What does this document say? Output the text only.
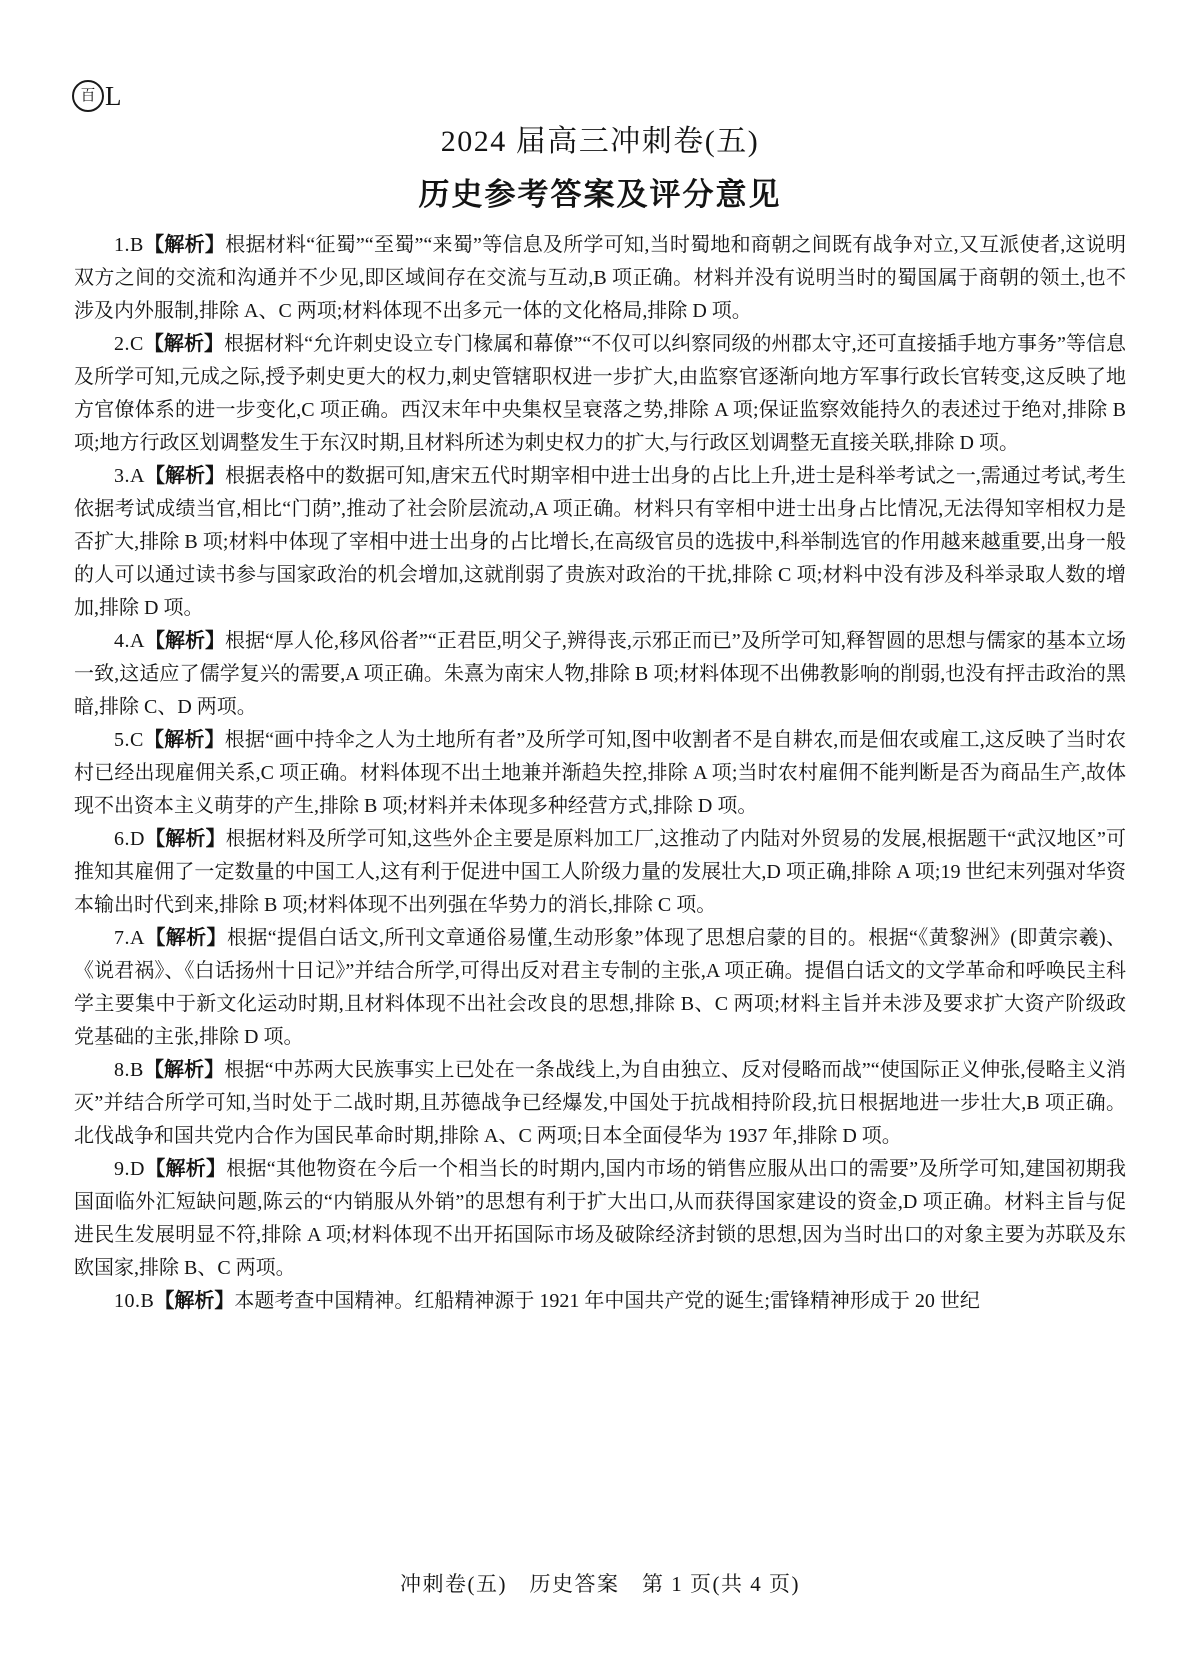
百 L
2024 届高三冲刺卷(五)
历史参考答案及评分意见

1.B【解析】根据材料“征蜀”“至蜀”“来蜀”等信息及所学可知,当时蜀地和商朝之间既有战争对立,又互派使者,这说明双方之间的交流和沟通并不少见,即区域间存在交流与互动,B 项正确。材料并没有说明当时的蜀国属于商朝的领土,也不涉及内外服制,排除 A、C 两项;材料体现不出多元一体的文化格局,排除 D 项。

2.C【解析】根据材料“允许刺史设立专门椽属和幕僚”“不仅可以纠察同级的州郡太守,还可直接插手地方事务”等信息及所学可知,元成之际,授予刺史更大的权力,刺史管辖职权进一步扩大,由监察官逐渐向地方军事行政长官转变,这反映了地方官僚体系的进一步变化,C 项正确。西汉末年中央集权呈衰落之势,排除 A 项;保证监察效能持久的表述过于绝对,排除 B 项;地方行政区划调整发生于东汉时期,且材料所述为刺史权力的扩大,与行政区划调整无直接关联,排除 D 项。

3.A【解析】根据表格中的数据可知,唐宋五代时期宰相中进士出身的占比上升,进士是科举考试之一,需通过考试,考生依据考试成绩当官,相比“门荫”,推动了社会阶层流动,A 项正确。材料只有宰相中进士出身占比情况,无法得知宰相权力是否扩大,排除 B 项;材料中体现了宰相中进士出身的占比增长,在高级官员的选拔中,科举制选官的作用越来越重要,出身一般的人可以通过读书参与国家政治的机会增加,这就削弱了贵族对政治的干扰,排除 C 项;材料中没有涉及科举录取人数的增加,排除 D 项。

4.A【解析】根据“厚人伦,移风俗者”“正君臣,明父子,辨得丧,示邪正而已”及所学可知,释智圆的思想与儒家的基本立场一致,这适应了儒学复兴的需要,A 项正确。朱熹为南宋人物,排除 B 项;材料体现不出佛教影响的削弱,也没有抨击政治的黑暗,排除 C、D 两项。

5.C【解析】根据“画中持伞之人为土地所有者”及所学可知,图中收割者不是自耕农,而是佃农或雇工,这反映了当时农村已经出现雇佣关系,C 项正确。材料体现不出土地兼并渐趋失控,排除 A 项;当时农村雇佣不能判断是否为商品生产,故体现不出资本主义萌芽的产生,排除 B 项;材料并未体现多种经营方式,排除 D 项。

6.D【解析】根据材料及所学可知,这些外企主要是原料加工厂,这推动了内陆对外贸易的发展,根据题干“武汉地区”可推知其雇佣了一定数量的中国工人,这有利于促进中国工人阶级力量的发展壮大,D 项正确,排除 A 项;19 世纪末列强对华资本输出时代到来,排除 B 项;材料体现不出列强在华势力的消长,排除 C 项。

7.A【解析】根据“提倡白话文,所刊文章通俗易懂,生动形象”体现了思想启蒙的目的。根据“《黄黎洲》(即黄宗羲)、《说君祸》、《白话扬州十日记》”并结合所学,可得出反对君主专制的主张,A 项正确。提倡白话文的文学革命和呼唤民主科学主要集中于新文化运动时期,且材料体现不出社会改良的思想,排除 B、C 两项;材料主旨并未涉及要求扩大资产阶级政党基础的主张,排除 D 项。

8.B【解析】根据“中苏两大民族事实上已处在一条战线上,为自由独立、反对侵略而战”“使国际正义伸张,侵略主义消灭”并结合所学可知,当时处于二战时期,且苏德战争已经爆发,中国处于抗战相持阶段,抗日根据地进一步壮大,B 项正确。北伐战争和国共党内合作为国民革命时期,排除 A、C 两项;日本全面侵华为 1937 年,排除 D 项。

9.D【解析】根据“其他物资在今后一个相当长的时期内,国内市场的销售应服从出口的需要”及所学可知,建国初期我国面临外汇短缺问题,陈云的“内销服从外销”的思想有利于扩大出口,从而获得国家建设的资金,D 项正确。材料主旨与促进民生发展明显不符,排除 A 项;材料体现不出开拓国际市场及破除经济封锁的思想,因为当时出口的对象主要为苏联及东欧国家,排除 B、C 两项。

10.B【解析】本题考查中国精神。红船精神源于 1921 年中国共产党的诞生;雷锋精神形成于 20 世纪

冲刺卷(五)　历史答案　第 1 页(共 4 页)
